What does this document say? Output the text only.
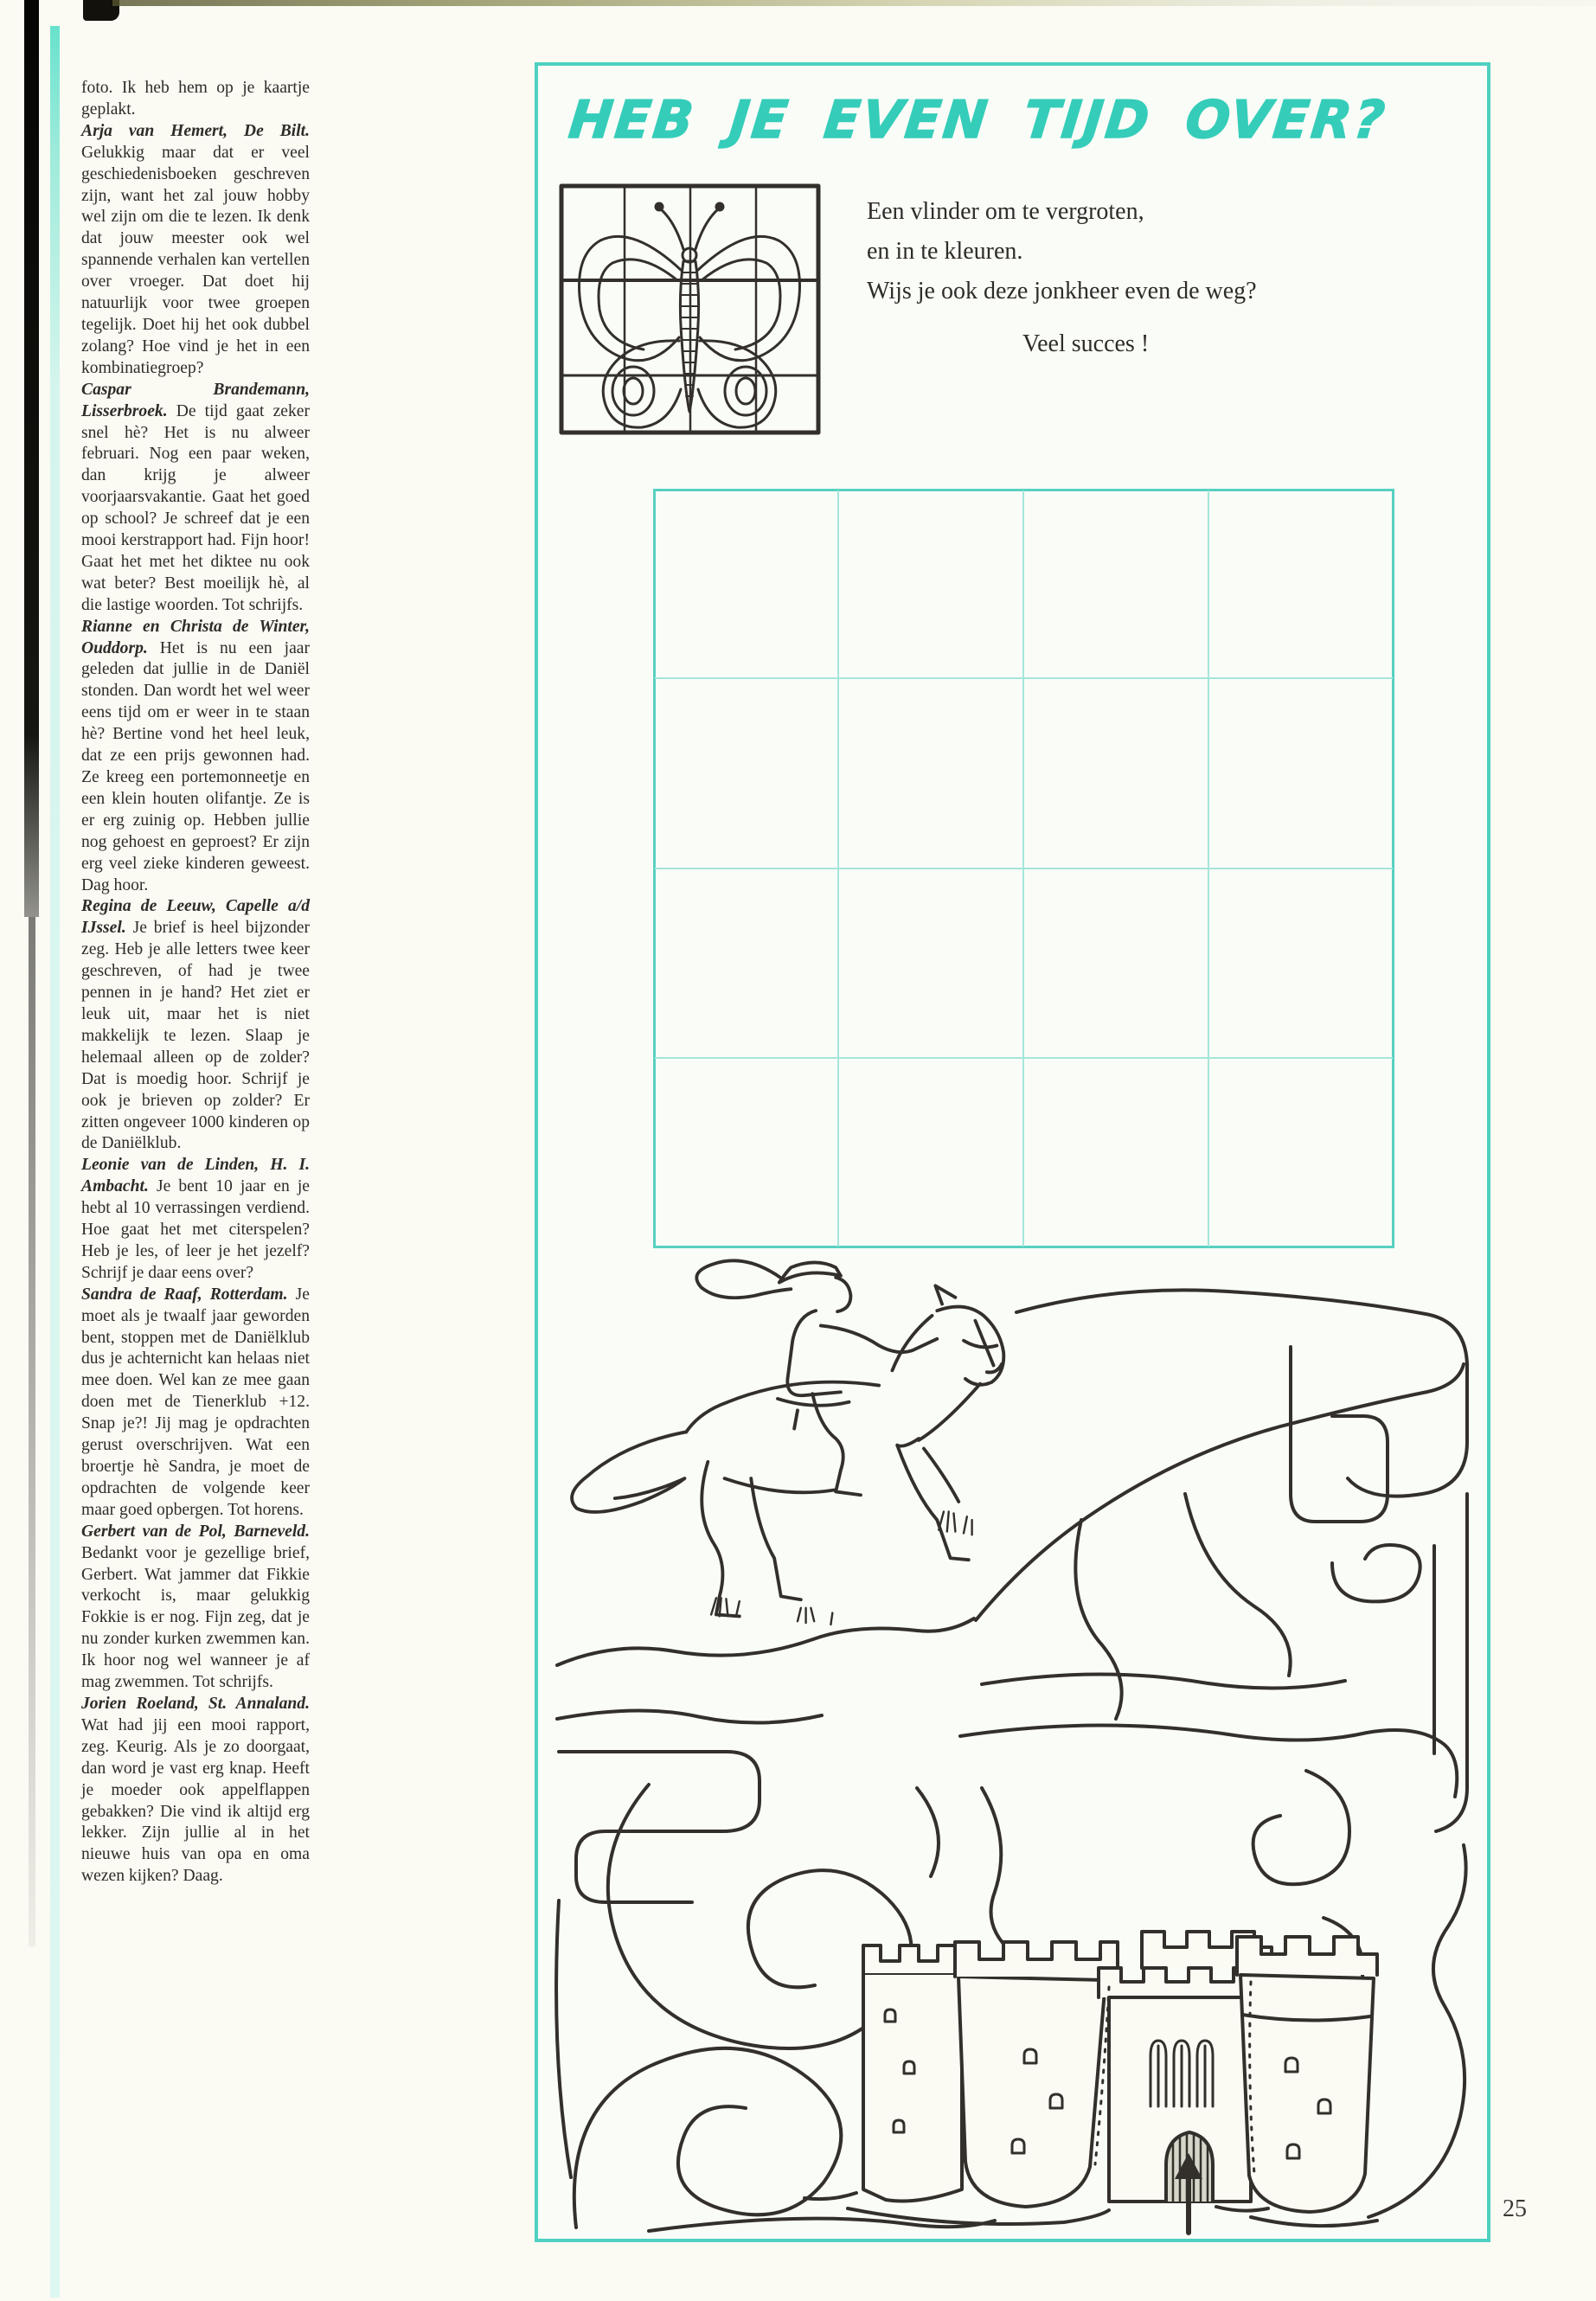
foto. Ik heb hem op je kaartje geplakt.

Arja van Hemert, De Bilt. Gelukkig maar dat er veel geschiedenisboeken geschreven zijn, want het zal jouw hobby wel zijn om die te lezen. Ik denk dat jouw meester ook wel spannende verhalen kan vertellen over vroeger. Dat doet hij natuurlijk voor twee groepen tegelijk. Doet hij het ook dubbel zolang? Hoe vind je het in een kombinatiegroep?

Caspar Brandemann, Lisserbroek. De tijd gaat zeker snel hè? Het is nu alweer februari. Nog een paar weken, dan krijg je alweer voorjaarsvakantie. Gaat het goed op school? Je schreef dat je een mooi kerstrapport had. Fijn hoor! Gaat het met het diktee nu ook wat beter? Best moeilijk hè, al die lastige woorden. Tot schrijfs.

Rianne en Christa de Winter, Ouddorp. Het is nu een jaar geleden dat jullie in de Daniël stonden. Dan wordt het wel weer eens tijd om er weer in te staan hè? Bertine vond het heel leuk, dat ze een prijs gewonnen had. Ze kreeg een portemonneetje en een klein houten olifantje. Ze is er erg zuinig op. Hebben jullie nog gehoest en geproest? Er zijn erg veel zieke kinderen geweest. Dag hoor.

Regina de Leeuw, Capelle a/d IJssel. Je brief is heel bijzonder zeg. Heb je alle letters twee keer geschreven, of had je twee pennen in je hand? Het ziet er leuk uit, maar het is niet makkelijk te lezen. Slaap je helemaal alleen op de zolder? Dat is moedig hoor. Schrijf je ook je brieven op zolder? Er zitten ongeveer 1000 kinderen op de Daniëlklub.

Leonie van de Linden, H. I. Ambacht. Je bent 10 jaar en je hebt al 10 verrassingen verdiend. Hoe gaat het met citerspelen? Heb je les, of leer je het jezelf? Schrijf je daar eens over?

Sandra de Raaf, Rotterdam. Je moet als je twaalf jaar geworden bent, stoppen met de Daniëlklub dus je achternicht kan helaas niet mee doen. Wel kan ze mee gaan doen met de Tienerklub +12. Snap je?! Jij mag je opdrachten gerust overschrijven. Wat een broertje hè Sandra, je moet de opdrachten de volgende keer maar goed opbergen. Tot horens.

Gerbert van de Pol, Barneveld. Bedankt voor je gezellige brief, Gerbert. Wat jammer dat Fikkie verkocht is, maar gelukkig Fokkie is er nog. Fijn zeg, dat je nu zonder kurken zwemmen kan. Ik hoor nog wel wanneer je af mag zwemmen. Tot schrijfs.

Jorien Roeland, St. Annaland. Wat had jij een mooi rapport, zeg. Keurig. Als je zo doorgaat, dan word je vast erg knap. Heeft je moeder ook appelflappen gebakken? Die vind ik altijd erg lekker. Zijn jullie al in het nieuwe huis van opa en oma wezen kijken? Daag.

HEB JE EVEN TIJD OVER?
Een vlinder om te vergroten,
en in te kleuren.
Wijs je ook deze jonkheer even de weg?
Veel succes !
25
